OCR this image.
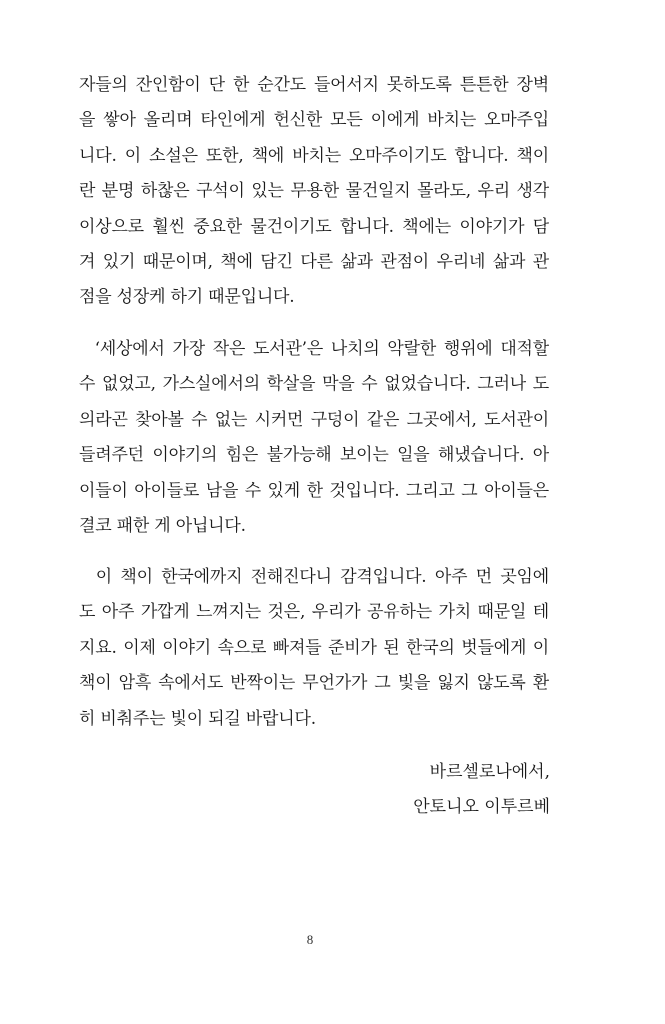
자들의 잔인함이 단 한 순간도 들어서지 못하도록 튼튼한 장벽
을 쌓아 올리며 타인에게 헌신한 모든 이에게 바치는 오마주입
니다. 이 소설은 또한, 책에 바치는 오마주이기도 합니다. 책이
란 분명 하찮은 구석이 있는 무용한 물건일지 몰라도, 우리 생각
이상으로 훨씬 중요한 물건이기도 합니다. 책에는 이야기가 담
겨 있기 때문이며, 책에 담긴 다른 삶과 관점이 우리네 삶과 관
점을 성장케 하기 때문입니다.
‘세상에서 가장 작은 도서관’은 나치의 악랄한 행위에 대적할
수 없었고, 가스실에서의 학살을 막을 수 없었습니다. 그러나 도
의라곤 찾아볼 수 없는 시커먼 구덩이 같은 그곳에서, 도서관이
들려주던 이야기의 힘은 불가능해 보이는 일을 해냈습니다. 아
이들이 아이들로 남을 수 있게 한 것입니다. 그리고 그 아이들은
결코 패한 게 아닙니다.
이 책이 한국에까지 전해진다니 감격입니다. 아주 먼 곳임에
도 아주 가깝게 느껴지는 것은, 우리가 공유하는 가치 때문일 테
지요. 이제 이야기 속으로 빠져들 준비가 된 한국의 벗들에게 이
책이 암흑 속에서도 반짝이는 무언가가 그 빛을 잃지 않도록 환
히 비춰주는 빛이 되길 바랍니다.
바르셀로나에서,
안토니오 이투르베
8
